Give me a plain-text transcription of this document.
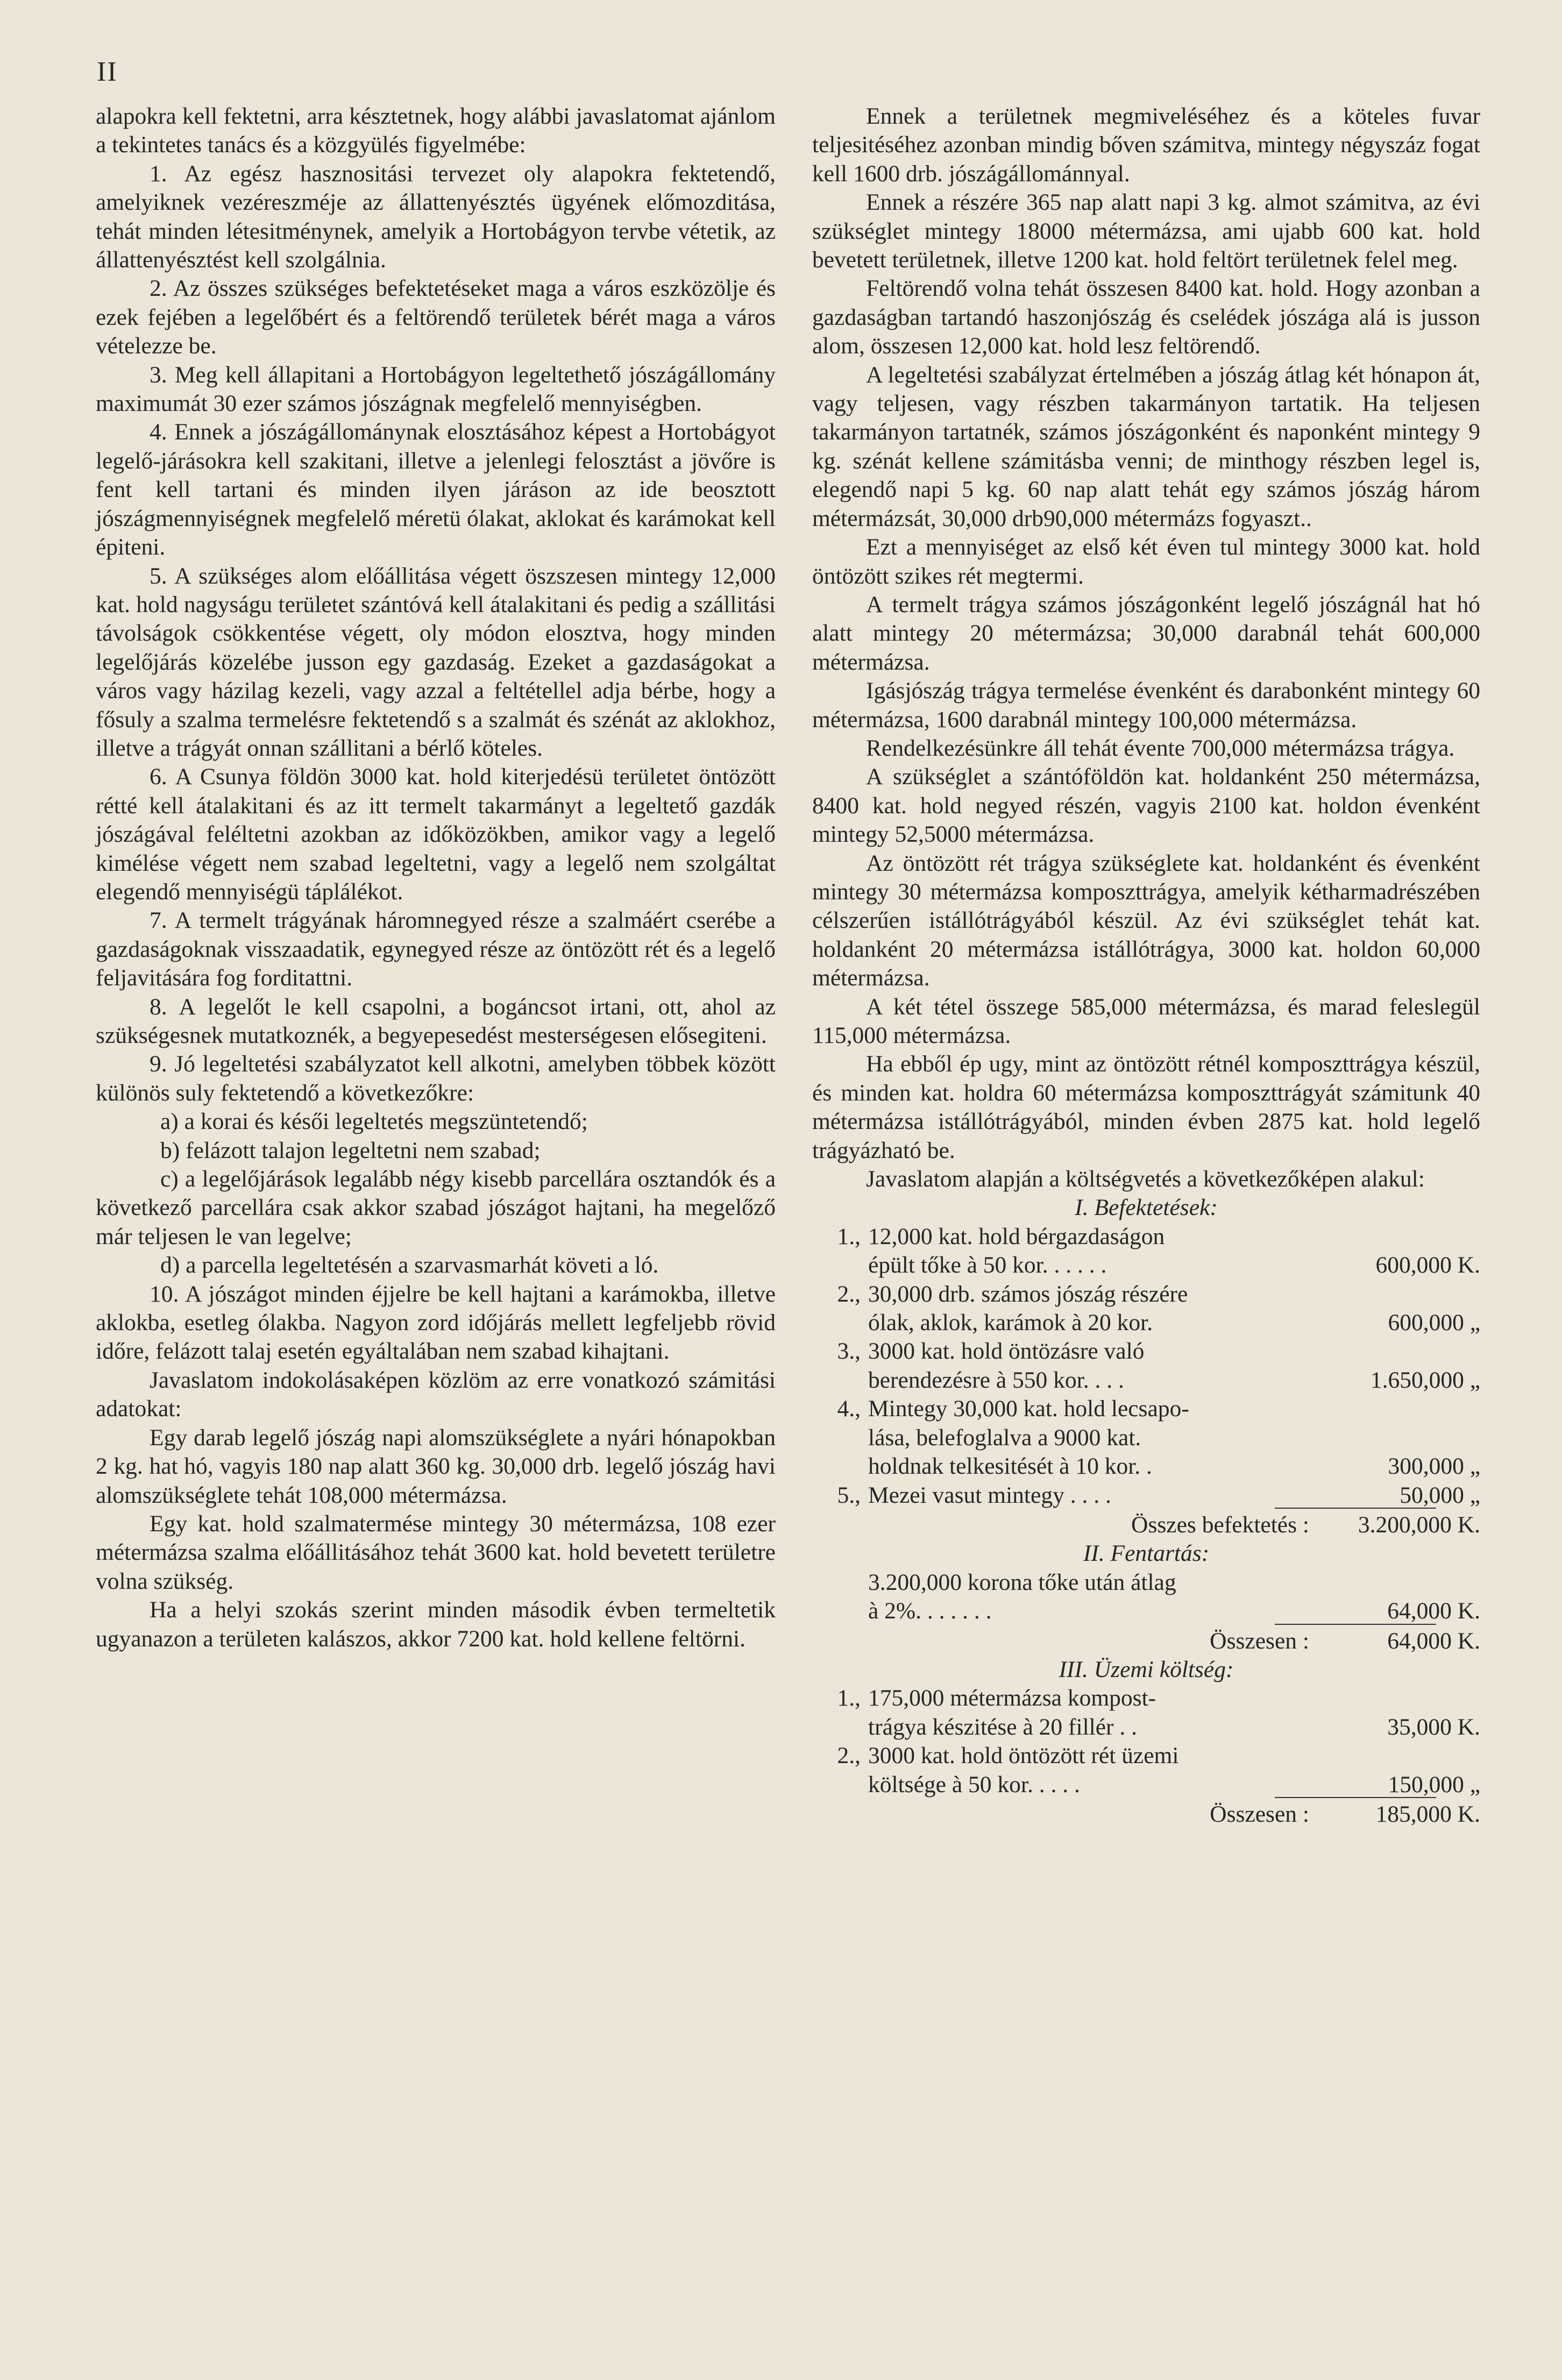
II

alapokra kell fektetni, arra késztetnek, hogy alábbi javaslatomat ajánlom a tekintetes tanács és a közgyülés figyelmébe:

1. Az egész hasznositási tervezet oly alapokra fektetendő, amelyiknek vezéreszméje az állattenyésztés ügyének előmozditása, tehát minden létesitménynek, amelyik a Hortobágyon tervbe vétetik, az állattenyésztést kell szolgálnia.

2. Az összes szükséges befektetéseket maga a város eszközölje és ezek fejében a legelőbért és a feltörendő területek bérét maga a város vételezze be.

3. Meg kell állapitani a Hortobágyon legeltethető jószágállomány maximumát 30 ezer számos jószágnak megfelelő mennyiségben.

4. Ennek a jószágállománynak elosztásához képest a Hortobágyot legelő-járásokra kell szakitani, illetve a jelenlegi felosztást a jövőre is fent kell tartani és minden ilyen járáson az ide beosztott jószágmennyiségnek megfelelő méretü ólakat, aklokat és karámokat kell épiteni.

5. A szükséges alom előállitása végett öszszesen mintegy 12,000 kat. hold nagyságu területet szántóvá kell átalakitani és pedig a szállitási távolságok csökkentése végett, oly módon elosztva, hogy minden legelőjárás közelébe jusson egy gazdaság. Ezeket a gazdaságokat a város vagy házilag kezeli, vagy azzal a feltétellel adja bérbe, hogy a fősuly a szalma termelésre fektetendő s a szalmát és szénát az aklokhoz, illetve a trágyát onnan szállitani a bérlő köteles.

6. A Csunya földön 3000 kat. hold kiterjedésü területet öntözött rétté kell átalakitani és az itt termelt takarmányt a legeltető gazdák jószágával feléltetni azokban az időközökben, amikor vagy a legelő kimélése végett nem szabad legeltetni, vagy a legelő nem szolgáltat elegendő mennyiségü táplálékot.

7. A termelt trágyának háromnegyed része a szalmáért cserébe a gazdaságoknak visszaadatik, egynegyed része az öntözött rét és a legelő feljavitására fog forditattni.

8. A legelőt le kell csapolni, a bogáncsot irtani, ott, ahol az szükségesnek mutatkoznék, a begyepesedést mesterségesen elősegiteni.

9. Jó legeltetési szabályzatot kell alkotni, amelyben többek között különös suly fektetendő a következőkre:

a) a korai és késői legeltetés megszüntetendő;

b) felázott talajon legeltetni nem szabad;

c) a legelőjárások legalább négy kisebb parcellára osztandók és a következő parcellára csak akkor szabad jószágot hajtani, ha megelőző már teljesen le van legelve;

d) a parcella legeltetésén a szarvasmarhát követi a ló.

10. A jószágot minden éjjelre be kell hajtani a karámokba, illetve aklokba, esetleg ólakba. Nagyon zord időjárás mellett legfeljebb rövid időre, felázott talaj esetén egyáltalában nem szabad kihajtani.

Javaslatom indokolásaképen közlöm az erre vonatkozó számitási adatokat:

Egy darab legelő jószág napi alomszükséglete a nyári hónapokban 2 kg. hat hó, vagyis 180 nap alatt 360 kg. 30,000 drb. legelő jószág havi alomszükséglete tehát 108,000 métermázsa.

Egy kat. hold szalmatermése mintegy 30 métermázsa, 108 ezer métermázsa szalma előállitásához tehát 3600 kat. hold bevetett területre volna szükség.

Ha a helyi szokás szerint minden második évben termeltetik ugyanazon a területen kalászos, akkor 7200 kat. hold kellene feltörni.

Ennek a területnek megmiveléséhez és a köteles fuvar teljesitéséhez azonban mindig bőven számitva, mintegy négyszáz fogat kell 1600 drb. jószágállománnyal.

Ennek a részére 365 nap alatt napi 3 kg. almot számitva, az évi szükséglet mintegy 18000 métermázsa, ami ujabb 600 kat. hold bevetett területnek, illetve 1200 kat. hold feltört területnek felel meg.

Feltörendő volna tehát összesen 8400 kat. hold. Hogy azonban a gazdaságban tartandó haszonjószág és cselédek jószága alá is jusson alom, összesen 12,000 kat. hold lesz feltörendő.

A legeltetési szabályzat értelmében a jószág átlag két hónapon át, vagy teljesen, vagy részben takarmányon tartatik. Ha teljesen takarmányon tartatnék, számos jószágonként és naponként mintegy 9 kg. szénát kellene számitásba venni; de minthogy részben legel is, elegendő napi 5 kg. 60 nap alatt tehát egy számos jószág három métermázsát, 30,000 drb90,000 métermázs fogyaszt..

Ezt a mennyiséget az első két éven tul mintegy 3000 kat. hold öntözött szikes rét megtermi.

A termelt trágya számos jószágonként legelő jószágnál hat hó alatt mintegy 20 métermázsa; 30,000 darabnál tehát 600,000 métermázsa.

Igásjószág trágya termelése évenként és darabonként mintegy 60 métermázsa, 1600 darabnál mintegy 100,000 métermázsa.

Rendelkezésünkre áll tehát évente 700,000 métermázsa trágya.

A szükséglet a szántóföldön kat. holdanként 250 métermázsa, 8400 kat. hold negyed részén, vagyis 2100 kat. holdon évenként mintegy 52,5000 métermázsa.

Az öntözött rét trágya szükséglete kat. holdanként és évenként mintegy 30 métermázsa komposzttrágya, amelyik kétharmadrészében célszerűen istállótrágyából készül. Az évi szükséglet tehát kat. holdanként 20 métermázsa istállótrágya, 3000 kat. holdon 60,000 métermázsa.

A két tétel összege 585,000 métermázsa, és marad feleslegül 115,000 métermázsa.

Ha ebből ép ugy, mint az öntözött rétnél komposzttrágya készül, és minden kat. holdra 60 métermázsa komposzttrágyát számitunk 40 métermázsa istállótrágyából, minden évben 2875 kat. hold legelő trágyázható be.

Javaslatom alapján a költségvetés a következőképen alakul:

I. Befektetések:

1., 12,000 kat. hold bérgazdaságon
épült tőke à 50 kor. . . . . .	600,000 K.
2., 30,000 drb. számos jószág részére
ólak, aklok, karámok à 20 kor.	600,000 „
3., 3000 kat. hold öntözásre való
berendezésre à 550 kor. . . .	1.650,000 „
4., Mintegy 30,000 kat. hold lecsapo-
lása, belefoglalva a 9000 kat.
holdnak telkesitését à 10 kor. .	300,000 „
5., Mezei vasut mintegy . . . .	50,000 „
Összes befektetés :	3.200,000 K.

II. Fentartás:

3.200,000 korona tőke után átlag
à 2%. . . . . . .	64,000 K.
Összesen :	64,000 K.

III. Üzemi költség:

1., 175,000 métermázsa kompost-
trágya készitése à 20 fillér . .	35,000 K.
2., 3000 kat. hold öntözött rét üzemi
költsége à 50 kor. . . . .	150,000 „
Összesen :	185,000 K.
